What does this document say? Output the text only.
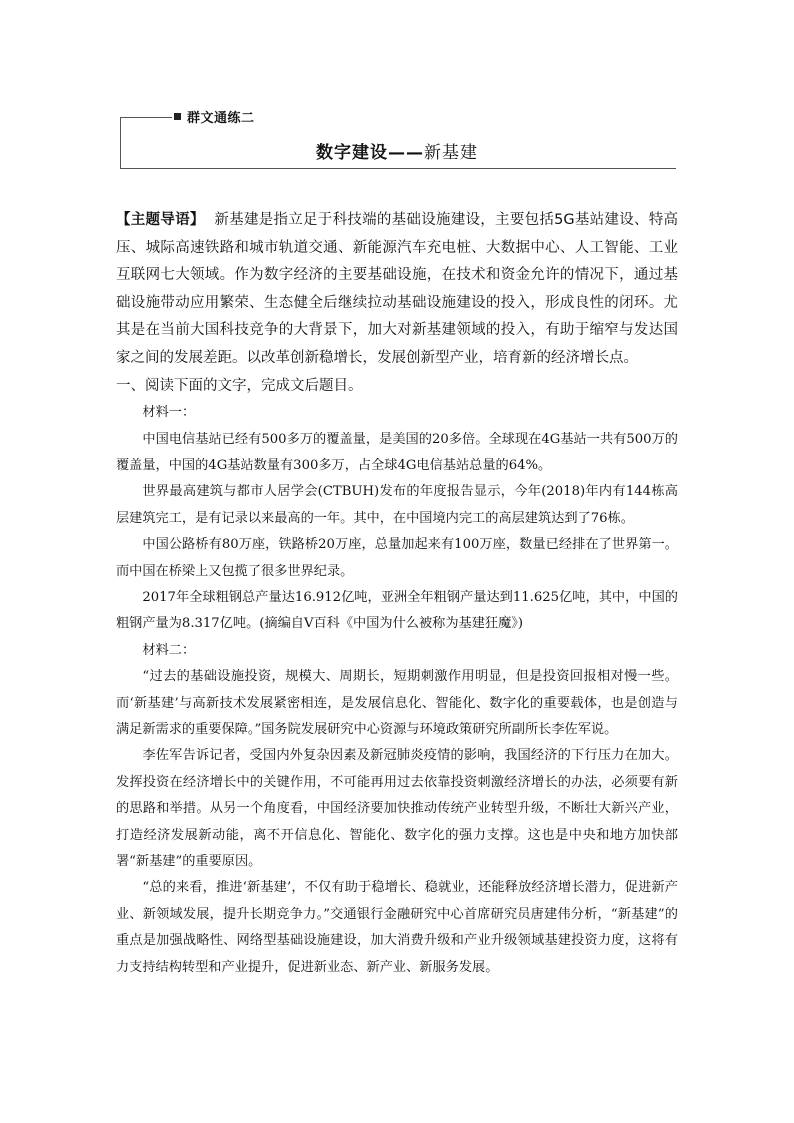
群文通练二
数字建设——新基建

【主题导语】 新基建是指立足于科技端的基础设施建设，主要包括5G基站建设、特高压、城际高速铁路和城市轨道交通、新能源汽车充电桩、大数据中心、人工智能、工业互联网七大领域。作为数字经济的主要基础设施，在技术和资金允许的情况下，通过基础设施带动应用繁荣、生态健全后继续拉动基础设施建设的投入，形成良性的闭环。尤其是在当前大国科技竞争的大背景下，加大对新基建领域的投入，有助于缩窄与发达国家之间的发展差距。以改革创新稳增长，发展创新型产业，培育新的经济增长点。

一、阅读下面的文字，完成文后题目。

材料一：

中国电信基站已经有500多万的覆盖量，是美国的20多倍。全球现在4G基站一共有500万的覆盖量，中国的4G基站数量有300多万，占全球4G电信基站总量的64%。

世界最高建筑与都市人居学会(CTBUH)发布的年度报告显示，今年(2018)年内有144栋高层建筑完工，是有记录以来最高的一年。其中，在中国境内完工的高层建筑达到了76栋。

中国公路桥有80万座，铁路桥20万座，总量加起来有100万座，数量已经排在了世界第一。而中国在桥梁上又包揽了很多世界纪录。

2017年全球粗钢总产量达16.912亿吨，亚洲全年粗钢产量达到11.625亿吨，其中，中国的粗钢产量为8.317亿吨。(摘编自V百科《中国为什么被称为基建狂魔》)

材料二：

“过去的基础设施投资，规模大、周期长，短期刺激作用明显，但是投资回报相对慢一些。而‘新基建’与高新技术发展紧密相连，是发展信息化、智能化、数字化的重要载体，也是创造与满足新需求的重要保障。”国务院发展研究中心资源与环境政策研究所副所长李佐军说。

李佐军告诉记者，受国内外复杂因素及新冠肺炎疫情的影响，我国经济的下行压力在加大。发挥投资在经济增长中的关键作用，不可能再用过去依靠投资刺激经济增长的办法，必须要有新的思路和举措。从另一个角度看，中国经济要加快推动传统产业转型升级，不断壮大新兴产业，打造经济发展新动能，离不开信息化、智能化、数字化的强力支撑。这也是中央和地方加快部署“新基建”的重要原因。

“总的来看，推进‘新基建’，不仅有助于稳增长、稳就业，还能释放经济增长潜力，促进新产业、新领域发展，提升长期竞争力。”交通银行金融研究中心首席研究员唐建伟分析，“新基建”的重点是加强战略性、网络型基础设施建设，加大消费升级和产业升级领域基建投资力度，这将有力支持结构转型和产业提升，促进新业态、新产业、新服务发展。
